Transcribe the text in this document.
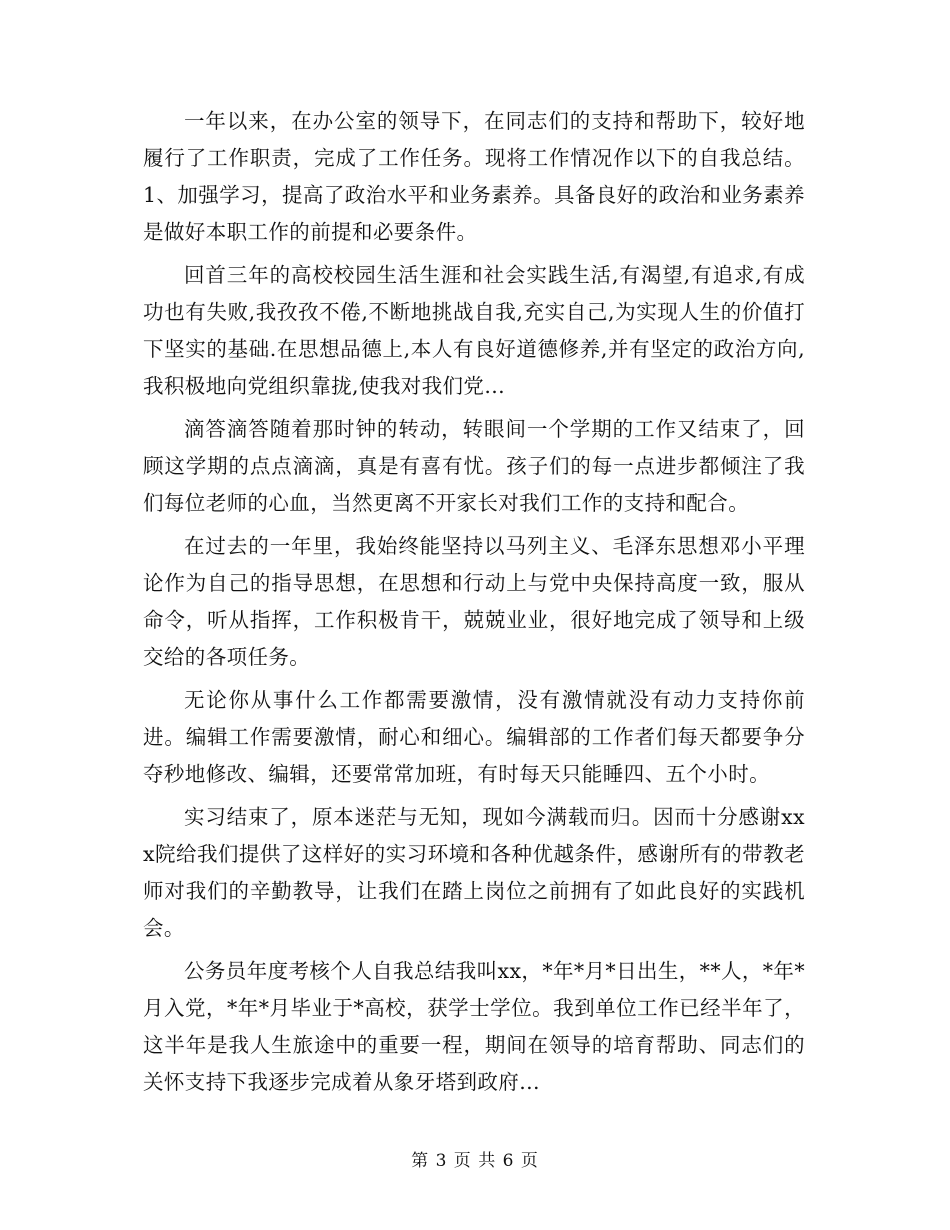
一年以来，在办公室的领导下，在同志们的支持和帮助下，较好地履行了工作职责，完成了工作任务。现将工作情况作以下的自我总结。1、加强学习，提高了政治水平和业务素养。具备良好的政治和业务素养是做好本职工作的前提和必要条件。

回首三年的高校校园生活生涯和社会实践生活,有渴望,有追求,有成功也有失败,我孜孜不倦,不断地挑战自我,充实自己,为实现人生的价值打下坚实的基础.在思想品德上,本人有良好道德修养,并有坚定的政治方向,我积极地向党组织靠拢,使我对我们党...

滴答滴答随着那时钟的转动，转眼间一个学期的工作又结束了，回顾这学期的点点滴滴，真是有喜有忧。孩子们的每一点进步都倾注了我们每位老师的心血，当然更离不开家长对我们工作的支持和配合。

在过去的一年里，我始终能坚持以马列主义、毛泽东思想邓小平理论作为自己的指导思想，在思想和行动上与党中央保持高度一致，服从命令，听从指挥，工作积极肯干，兢兢业业，很好地完成了领导和上级交给的各项任务。

无论你从事什么工作都需要激情，没有激情就没有动力支持你前进。编辑工作需要激情，耐心和细心。编辑部的工作者们每天都要争分夺秒地修改、编辑，还要常常加班，有时每天只能睡四、五个小时。

实习结束了，原本迷茫与无知，现如今满载而归。因而十分感谢xxx院给我们提供了这样好的实习环境和各种优越条件，感谢所有的带教老师对我们的辛勤教导，让我们在踏上岗位之前拥有了如此良好的实践机会。

公务员年度考核个人自我总结我叫xx，*年*月*日出生，**人，*年*月入党，*年*月毕业于*高校，获学士学位。我到单位工作已经半年了，这半年是我人生旅途中的重要一程，期间在领导的培育帮助、同志们的关怀支持下我逐步完成着从象牙塔到政府...

第 3 页 共 6 页
